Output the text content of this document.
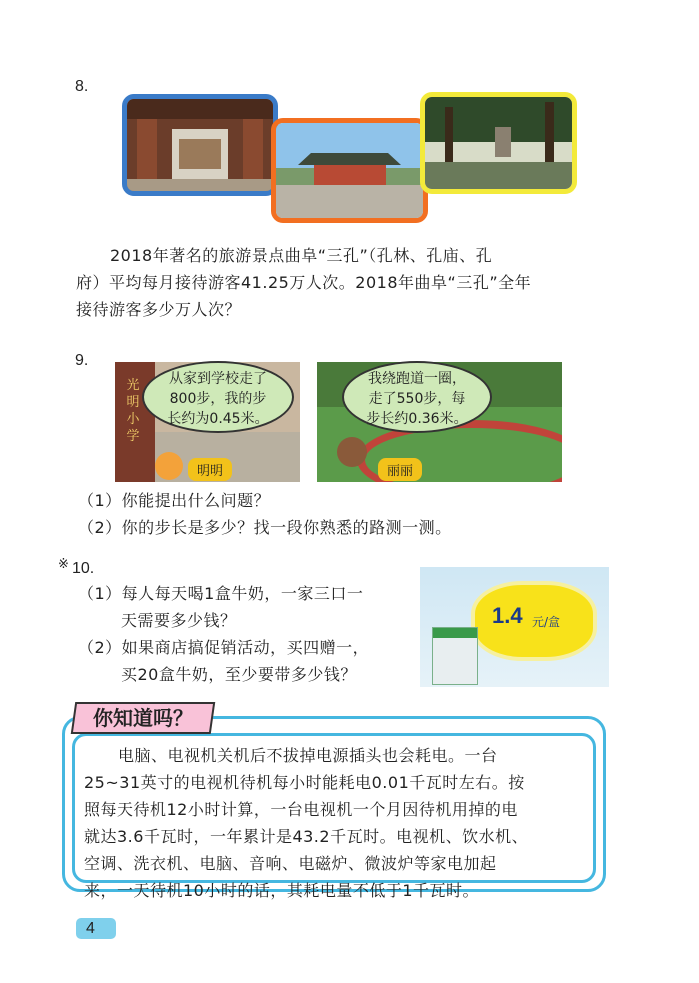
8.
2018年著名的旅游景点曲阜“三孔”（孔林、孔庙、孔
府）平均每月接待游客41.25万人次。2018年曲阜“三孔”全年
接待游客多少万人次？
9.
光明小学
从家到学校走了
800步，我的步
长约为0.45米。
明明
我绕跑道一圈，
走了550步，每
步长约0.36米。
丽丽
（1）你能提出什么问题？
（2）你的步长是多少？找一段你熟悉的路测一测。
※ 10.
（1）每人每天喝1盒牛奶，一家三口一
天需要多少钱？
（2）如果商店搞促销活动，买四赠一，
买20盒牛奶，至少要带多少钱？
1.4 元/盒
你知道吗？
电脑、电视机关机后不拔掉电源插头也会耗电。一台
25~31英寸的电视机待机每小时能耗电0.01千瓦时左右。按
照每天待机12小时计算，一台电视机一个月因待机用掉的电
就达3.6千瓦时，一年累计是43.2千瓦时。电视机、饮水机、
空调、洗衣机、电脑、音响、电磁炉、微波炉等家电加起
来，一天待机10小时的话，其耗电量不低于1千瓦时。
4
